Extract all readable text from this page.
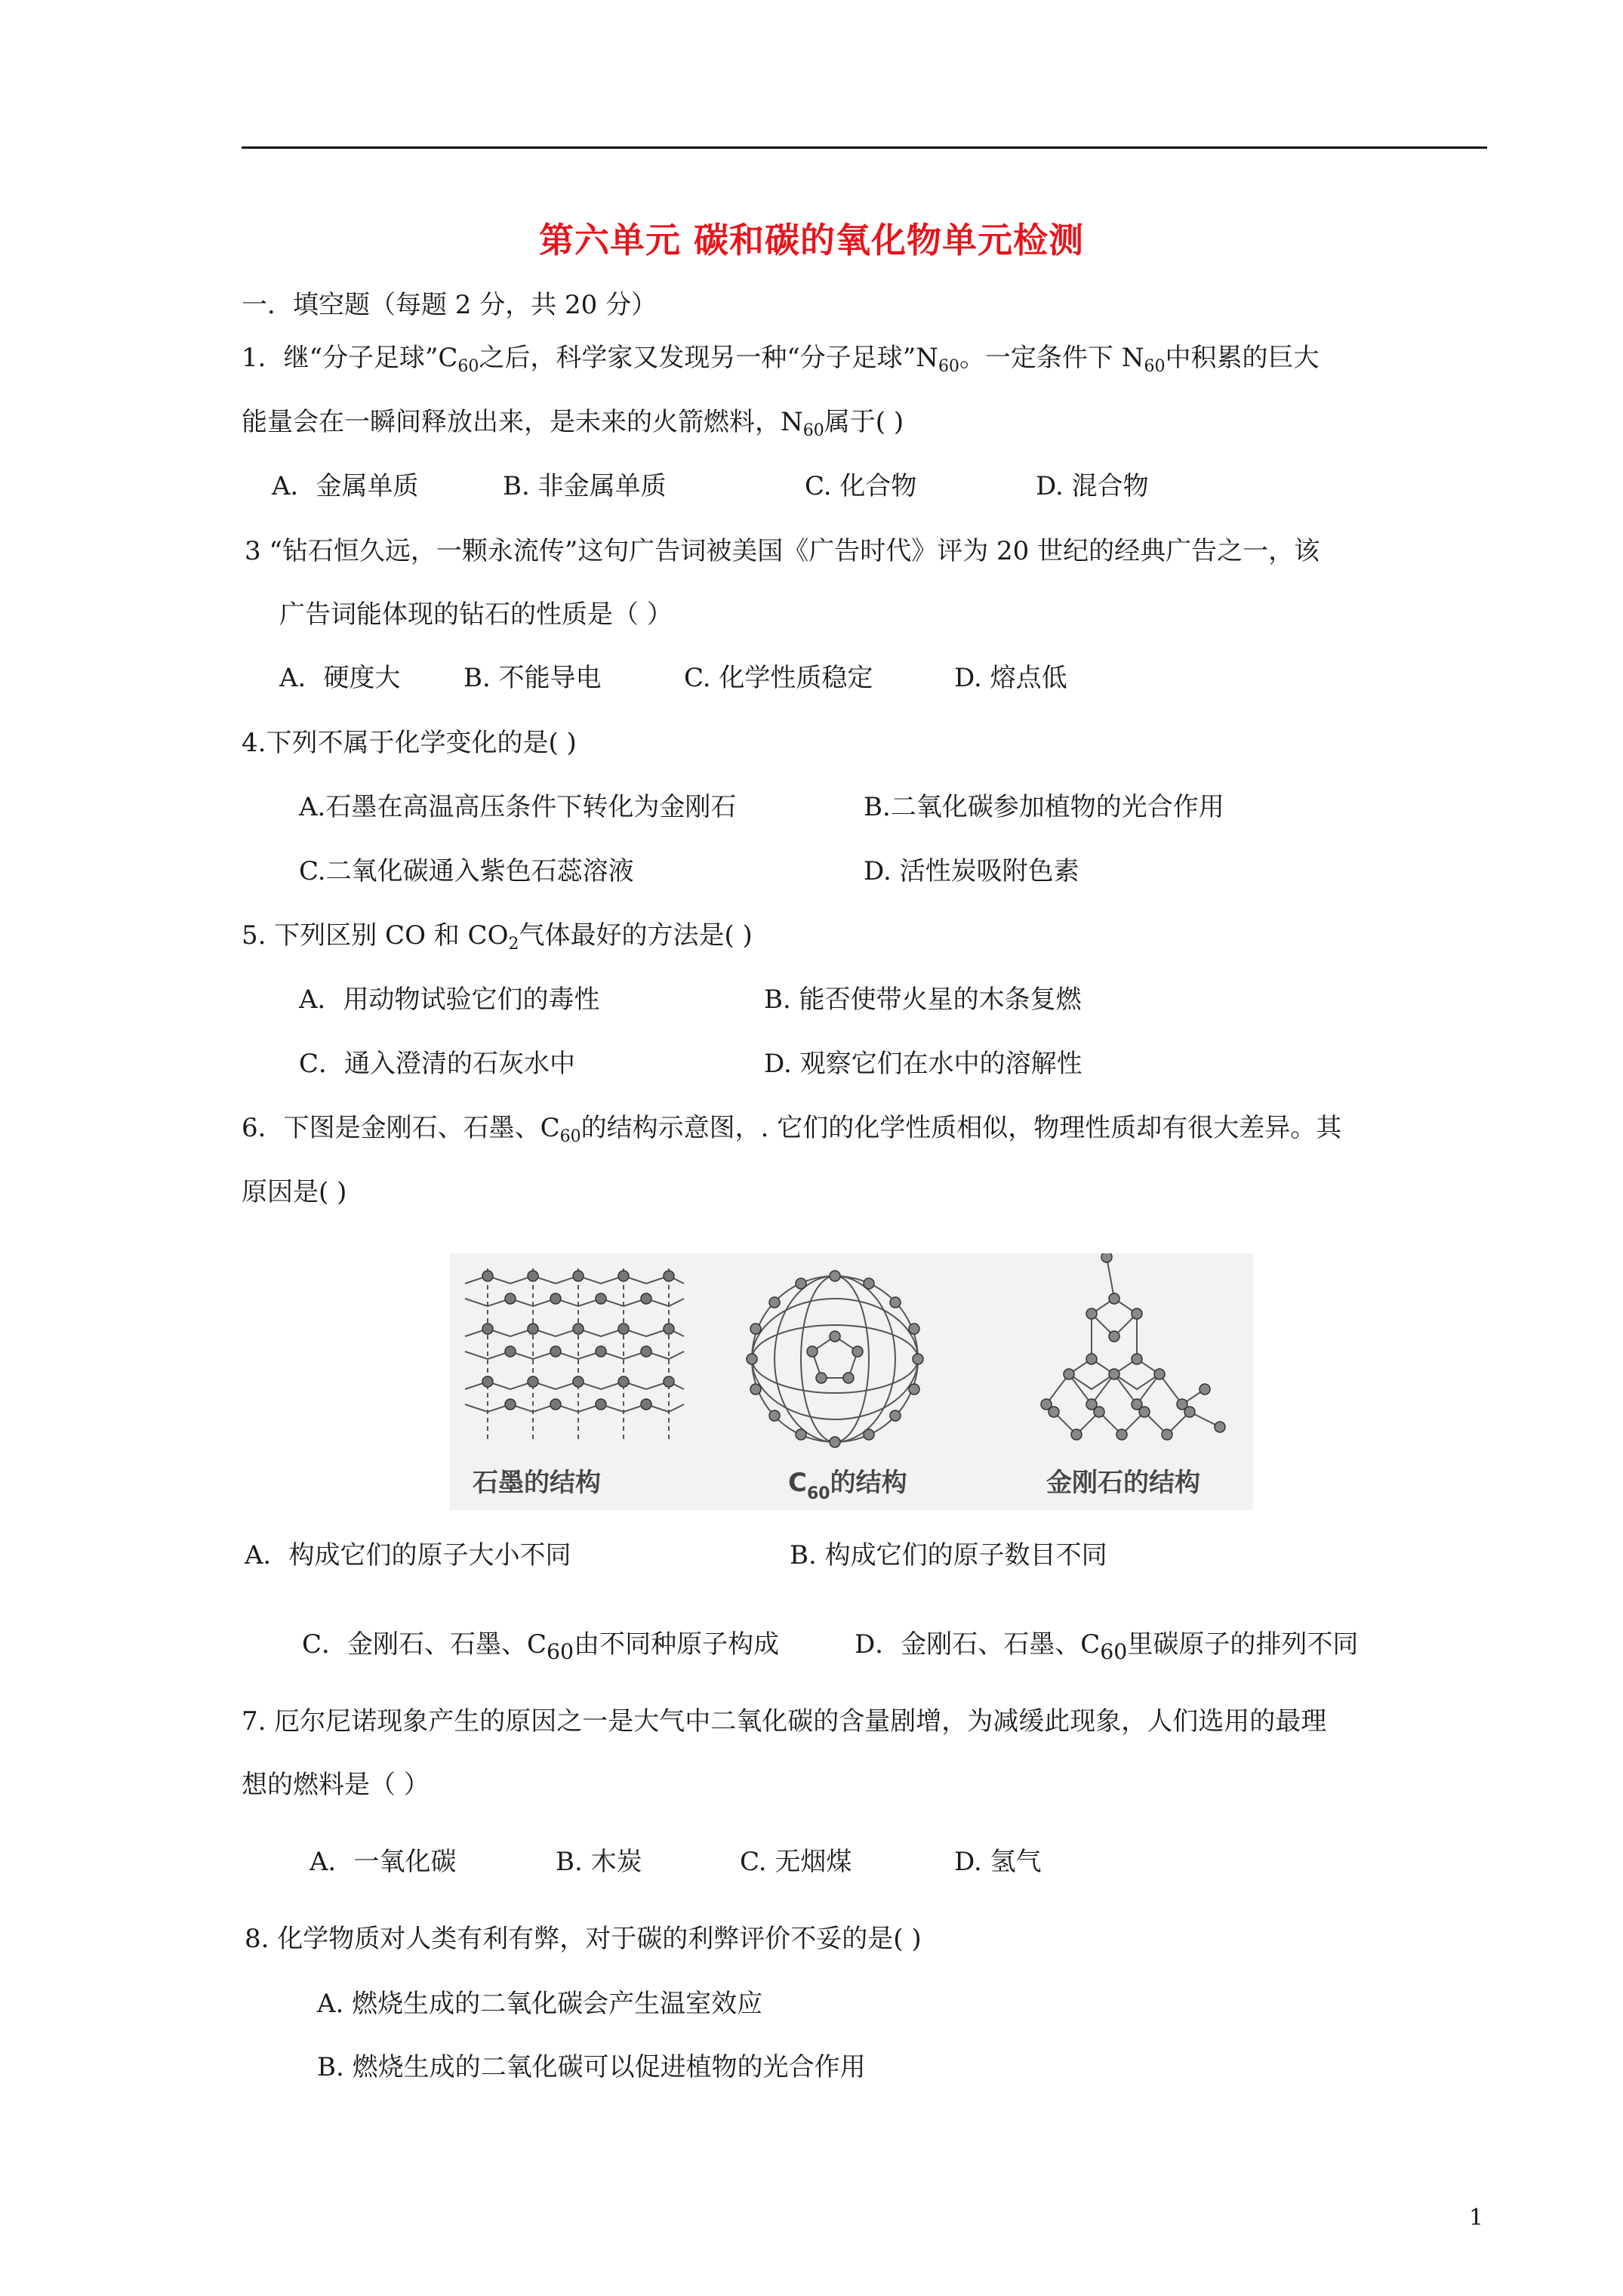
第六单元 碳和碳的氧化物单元检测
一．填空题（每题 2 分，共 20 分）
1．继“分子足球$”C_{60}$之后，科学家又发现另一种“分子足球$”N_{60}$。一定条件下 $N_{60}$中积累的巨大
能量会在一瞬间释放出来，是未来的火箭燃料，$N_{60}$属于( )
A．金属单质	B. 非金属单质	C. 化合物	D. 混合物
3 “钻石恒久远，一颗永流传”这句广告词被美国《广告时代》评为 20 世纪的经典广告之一，该
广告词能体现的钻石的性质是（ ）
A．硬度大 B. 不能导电	C. 化学性质稳定	D. 熔点低
4.下列不属于化学变化的是( )
A.石墨在高温高压条件下转化为金刚石	B.二氧化碳参加植物的光合作用
C.二氧化碳通入紫色石蕊溶液	D. 活性炭吸附色素
5. 下列区别 CO 和 $CO_2$气体最好的方法是( )
A．用动物试验它们的毒性	B. 能否使带火星的木条复燃
C．通入澄清的石灰水中	D. 观察它们在水中的溶解性
6．下图是金刚石、石墨、$C_{60}$的结构示意图，. 它们的化学性质相似，物理性质却有很大差异。其
原因是( )
石墨的结构	$C_{60}$的结构	金刚石的结构
A．构成它们的原子大小不同	B. 构成它们的原子数目不同
C．金刚石、石墨、$C_{60}$由不同种原子构成	D．金刚石、石墨、$C_{60}$里碳原子的排列不同
7. 厄尔尼诺现象产生的原因之一是大气中二氧化碳的含量剧增，为减缓此现象，人们选用的最理
想的燃料是（ ）
A．一氧化碳	B. 木炭	C. 无烟煤	D. 氢气
8. 化学物质对人类有利有弊，对于碳的利弊评价不妥的是( )
A. 燃烧生成的二氧化碳会产生温室效应
B. 燃烧生成的二氧化碳可以促进植物的光合作用
1
